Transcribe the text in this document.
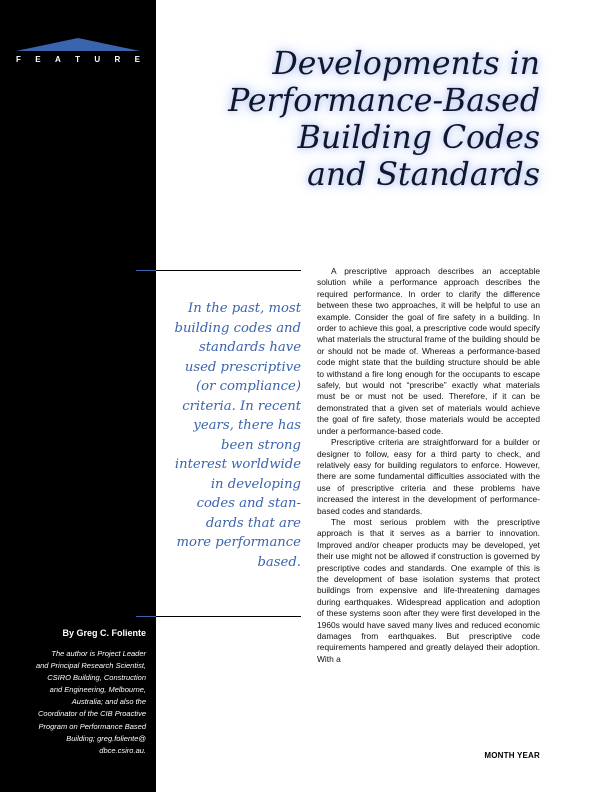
F E A T U R E
By Greg C. Foliente
The author is Project Leader
and Principal Research Scientist,
CSIRO Building, Construction
and Engineering, Melbourne,
Australia; and also the
Coordinator of the CIB Proactive
Program on Performance Based
Building; greg.foliente@
dbce.csiro.au.
Developments in
Performance-Based
Building Codes
and Standards
In the past, most
building codes and
standards have
used prescriptive
(or compliance)
criteria. In recent
years, there has
been strong
interest worldwide
in developing
codes and stan-
dards that are
more performance
based.

A prescriptive approach describes an acceptable solution while a performance approach describes the required performance. In order to clarify the difference between these two approaches, it will be helpful to use an example. Consider the goal of fire safety in a building. In order to achieve this goal, a prescriptive code would specify what materials the structural frame of the building should be or should not be made of. Whereas a performance-based code might state that the building structure should be able to withstand a fire long enough for the occupants to escape safely, but would not “prescribe” exactly what materials must be or must not be used. Therefore, if it can be demonstrated that a given set of materials would achieve the goal of fire safety, those materials would be accepted under a performance-based code.

Prescriptive criteria are straightforward for a builder or designer to follow, easy for a third party to check, and relatively easy for building regulators to enforce. However, there are some fundamental difficulties associated with the use of prescriptive criteria and these problems have increased the interest in the development of performance-based codes and standards.

The most serious problem with the prescriptive approach is that it serves as a barrier to innovation. Improved and/or cheaper products may be developed, yet their use might not be allowed if construction is governed by prescriptive codes and standards. One example of this is the development of base isolation systems that protect buildings from expensive and life-threatening damages during earthquakes. Widespread application and adoption of these systems soon after they were first developed in the 1960s would have saved many lives and reduced economic damages from earthquakes. But prescriptive code requirements hampered and greatly delayed their adoption. With a

MONTH YEAR
